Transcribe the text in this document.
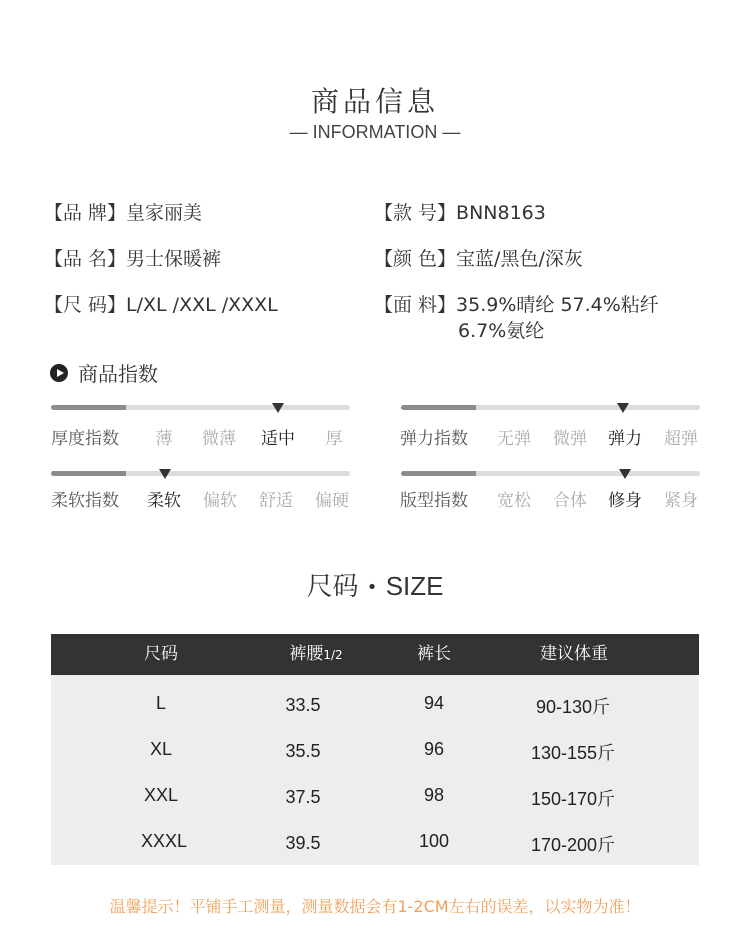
商品信息
— INFORMATION —
【品 牌】皇家丽美
【品 名】男士保暖裤
【尺 码】L/XL /XXL /XXXL
【款 号】BNN8163
【颜 色】宝蓝/黑色/深灰
【面 料】35.9%晴纶 57.4%粘纤
6.7%氨纶
商品指数
厚度指数	薄	微薄	适中	厚	弹力指数	无弹	微弹	弹力	超弹
柔软指数	柔软	偏软	舒适	偏硬	版型指数	宽松	合体	修身	紧身
尺码 • SIZE
尺码	裤腰1/2	裤长	建议体重
L	33.5	94	90-130斤
XL	35.5	96	130-155斤
XXL	37.5	98	150-170斤
XXXL	39.5	100	170-200斤
温馨提示！平铺手工测量，测量数据会有1-2CM左右的误差，以实物为准！
